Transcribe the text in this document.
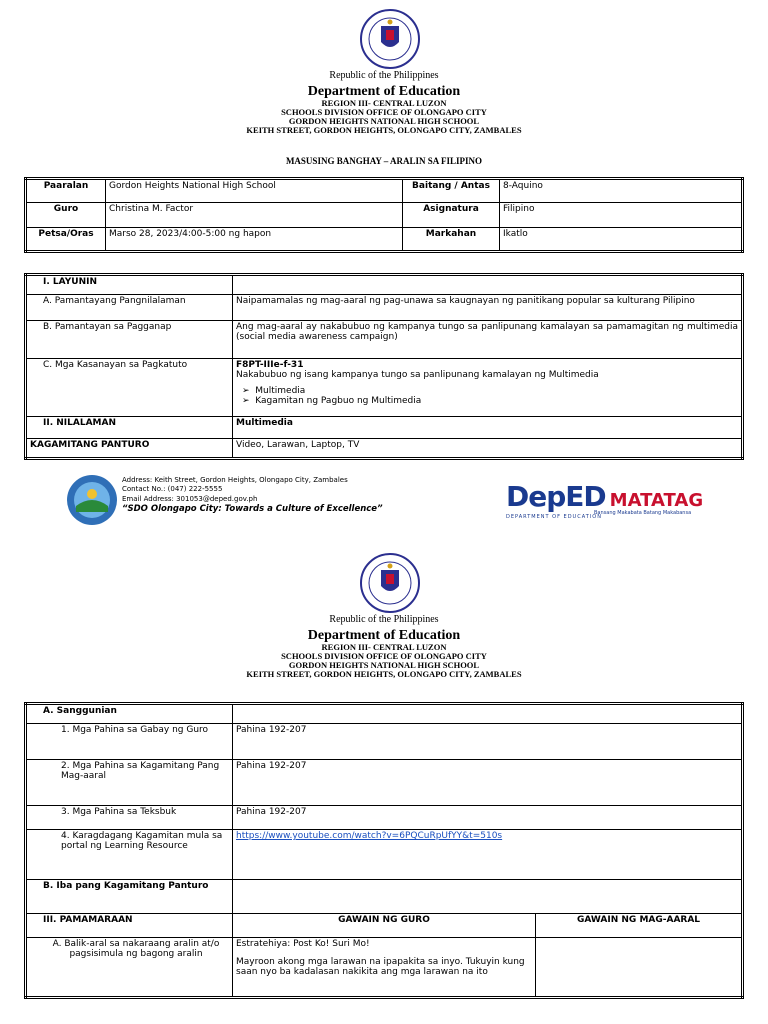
Republic of the Philippines
Department of Education
REGION III- CENTRAL LUZON
SCHOOLS DIVISION OFFICE OF OLONGAPO CITY
GORDON HEIGHTS NATIONAL HIGH SCHOOL
KEITH STREET, GORDON HEIGHTS, OLONGAPO CITY, ZAMBALES
MASUSING BANGHAY – ARALIN SA FILIPINO
Paaralan	Gordon Heights National High School	Baitang / Antas	8-Aquino
Guro	Christina M. Factor	Asignatura	Filipino
Petsa/Oras	Marso 28, 2023/4:00-5:00 ng hapon	Markahan	Ikatlo
I. LAYUNIN	
A. Pamantayang Pangnilalaman	Naipamamalas ng mag-aaral ng pag-unawa sa kaugnayan ng panitikang popular sa kulturang Pilipino
B. Pamantayan sa Pagganap	Ang mag-aaral ay nakabubuo ng kampanya tungo sa panlipunang kamalayan sa pamamagitan ng multimedia (social media awareness campaign)
C. Mga Kasanayan sa Pagkatuto	F8PT-IIIe-f-31
Nakabubuo ng isang kampanya tungo sa panlipunang kamalayan ng Multimedia
➢  Multimedia
➢  Kagamitan ng Pagbuo ng Multimedia

II. NILALAMAN	Multimedia
KAGAMITANG PANTURO	Video, Larawan, Laptop, TV
Address: Keith Street, Gordon Heights, Olongapo City, Zambales
Contact No.: (047) 222-5555
Email Address: 301053@deped.gov.ph
“SDO Olongapo City: Towards a Culture of Excellence”	DepED MATATAG
DEPARTMENT OF EDUCATION
Bansang Makabata Batang Makabansa
Republic of the Philippines
Department of Education
REGION III- CENTRAL LUZON
SCHOOLS DIVISION OFFICE OF OLONGAPO CITY
GORDON HEIGHTS NATIONAL HIGH SCHOOL
KEITH STREET, GORDON HEIGHTS, OLONGAPO CITY, ZAMBALES
A. Sanggunian		
1. Mga Pahina sa Gabay ng Guro	Pahina 192-207	
2. Mga Pahina sa Kagamitang Pang Mag-aaral	Pahina 192-207	
3. Mga Pahina sa Teksbuk	Pahina 192-207	
4. Karagdagang Kagamitan mula sa portal ng Learning Resource	https://www.youtube.com/watch?v=6PQCuRpUfYY&t=510s	
B. Iba pang Kagamitang Panturo		
III. PAMAMARAAN	GAWAIN NG GURO	GAWAIN NG MAG-AARAL
A. Balik-aral sa nakaraang aralin at/o pagsisimula ng bagong aralin	Estratehiya: Post Ko! Suri Mo!
Mayroon akong mga larawan na ipapakita sa inyo. Tukuyin kung saan nyo ba kadalasan nakikita ang mga larawan na ito	
